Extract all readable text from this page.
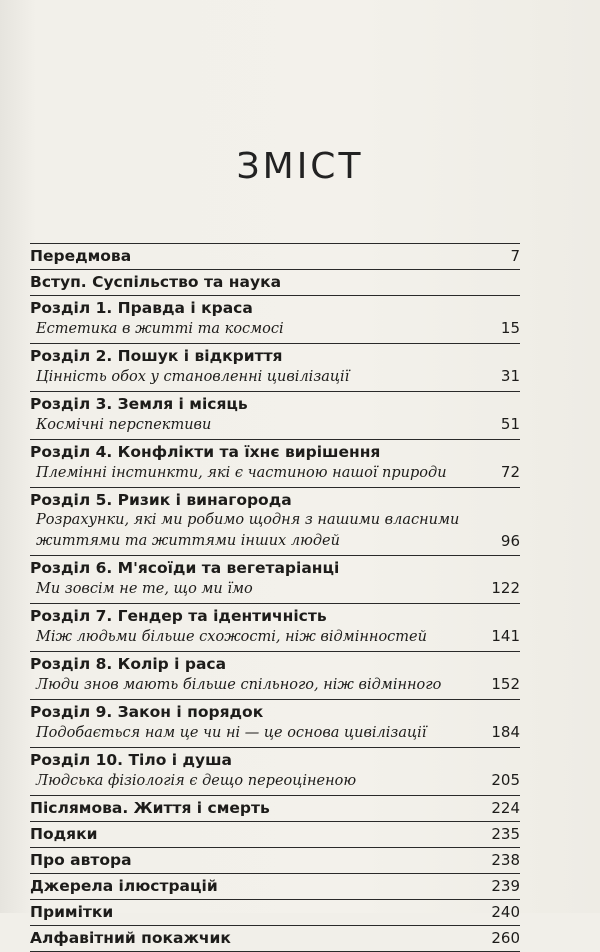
ЗМІСТ
Передмова	7
Вступ. Суспільство та наука
Розділ 1. Правда і краса
Естетика в житті та космосі	15
Розділ 2. Пошук і відкриття
Цінність обох у становленні цивілізації	31
Розділ 3. Земля і місяць
Космічні перспективи	51
Розділ 4. Конфлікти та їхнє вирішення
Племінні інстинкти, які є частиною нашої природи	72
Розділ 5. Ризик і винагорода
Розрахунки, які ми робимо щодня з нашими власними життями та життями інших людей	96
Розділ 6. М'ясоїди та вегетаріанці
Ми зовсім не те, що ми їмо	122
Розділ 7. Гендер та ідентичність
Між людьми більше схожості, ніж відмінностей	141
Розділ 8. Колір і раса
Люди знов мають більше спільного, ніж відмінного	152
Розділ 9. Закон і порядок
Подобається нам це чи ні — це основа цивілізації	184
Розділ 10. Тіло і душа
Людська фізіологія є дещо переоціненою	205
Післямова. Життя і смерть	224
Подяки	235
Про автора	238
Джерела ілюстрацій	239
Примітки	240
Алфавітний покажчик	260
